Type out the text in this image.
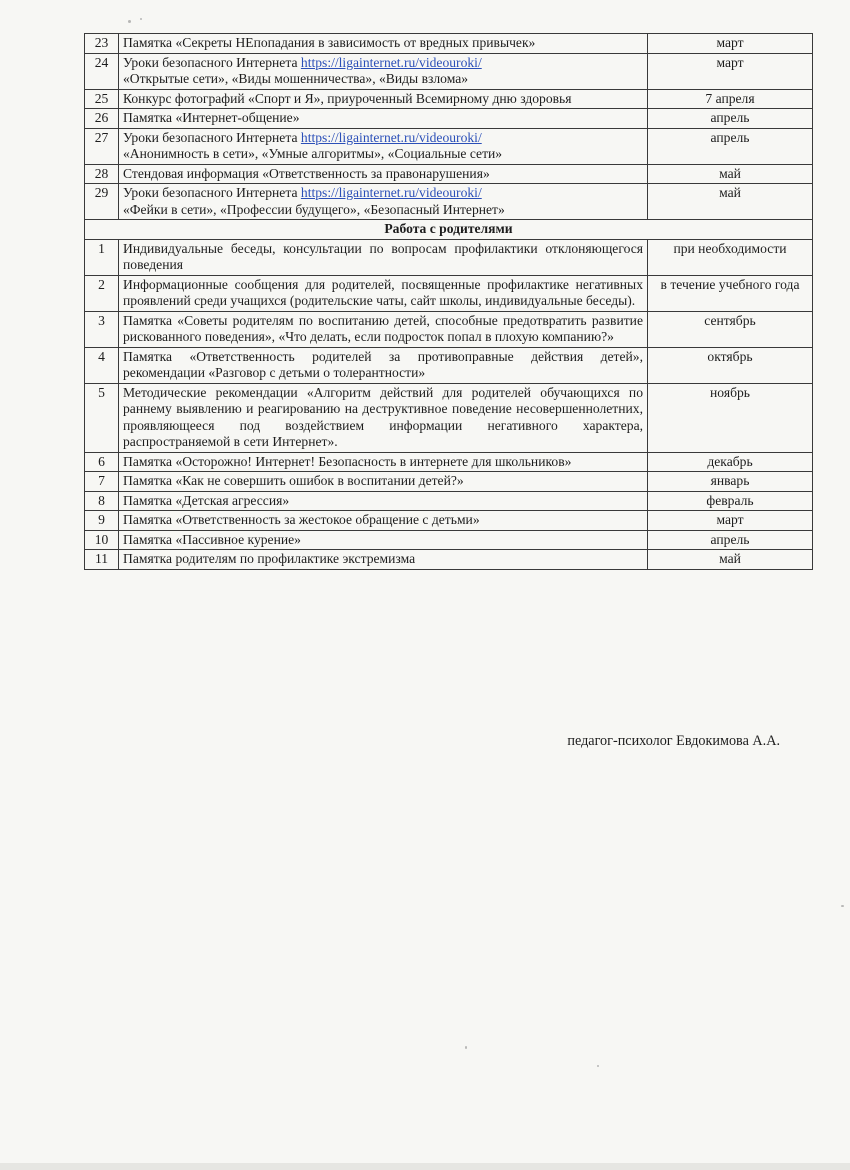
23	Памятка «Секреты НЕпопадания в зависимость от вредных привычек»	март
24	Уроки безопасного Интернета https://ligainternet.ru/videouroki/
«Открытые сети», «Виды мошенничества», «Виды взлома»	март
25	Конкурс фотографий «Спорт и Я», приуроченный Всемирному дню здоровья	7 апреля
26	Памятка «Интернет-общение»	апрель
27	Уроки безопасного Интернета https://ligainternet.ru/videouroki/
«Анонимность в сети», «Умные алгоритмы», «Социальные сети»	апрель
28	Стендовая информация «Ответственность за правонарушения»	май
29	Уроки безопасного Интернета https://ligainternet.ru/videouroki/
«Фейки в сети», «Профессии будущего», «Безопасный Интернет»	май
Работа с родителями		
1	Индивидуальные беседы, консультации по вопросам профилактики отклоняющегося поведения	при необходимости
2	Информационные сообщения для родителей, посвященные профилактике негативных проявлений среди учащихся (родительские чаты, сайт школы, индивидуальные беседы).	в течение учебного года
3	Памятка «Советы родителям по воспитанию детей, способные предотвратить развитие рискованного поведения», «Что делать, если подросток попал в плохую компанию?»	сентябрь
4	Памятка «Ответственность родителей за противоправные действия детей», рекомендации «Разговор с детьми о толерантности»	октябрь
5	Методические рекомендации «Алгоритм действий для родителей обучающихся по раннему выявлению и реагированию на деструктивное поведение несовершеннолетних, проявляющееся под воздействием информации негативного характера, распространяемой в сети Интернет».	ноябрь
6	Памятка «Осторожно! Интернет! Безопасность в интернете для школьников»	декабрь
7	Памятка «Как не совершить ошибок в воспитании детей?»	январь
8	Памятка «Детская агрессия»	февраль
9	Памятка «Ответственность за жестокое обращение с детьми»	март
10	Памятка «Пассивное курение»	апрель
11	Памятка родителям по профилактике экстремизма	май
педагог-психолог Евдокимова А.А.
